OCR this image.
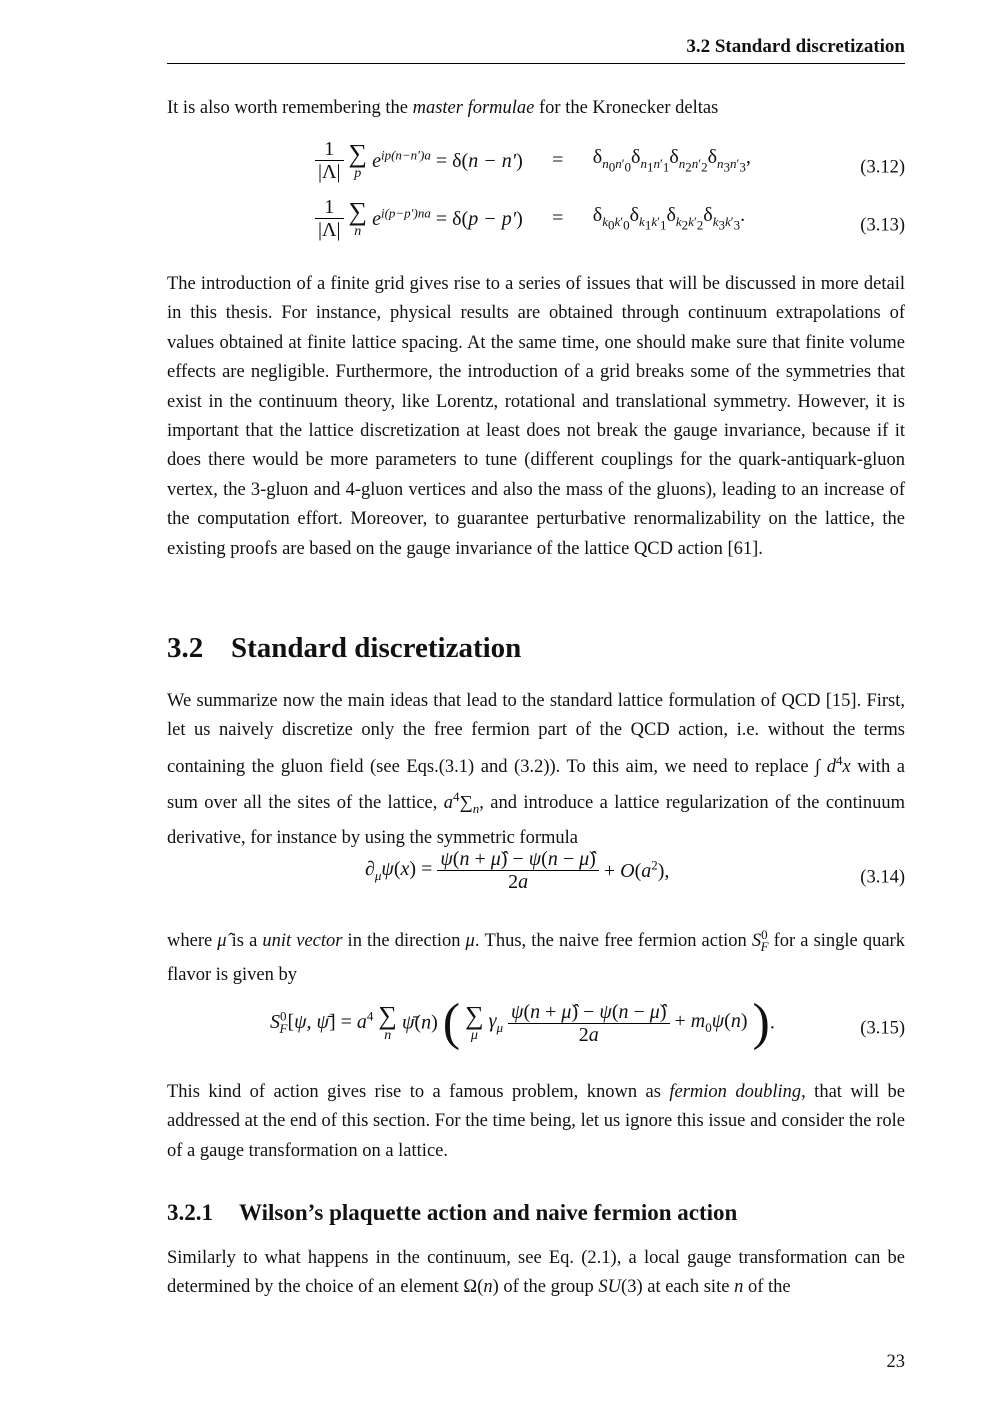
3.2 Standard discretization

It is also worth remembering the master formulae for the Kronecker deltas

$\frac{1}{|\Lambda|}$
∑
p
$e^{ip(n-n')a} = \delta(n - n') = \delta_{n_0n'_0}\delta_{n_1n'_1}\delta_{n_2n'_2}\delta_{n_3n'_3}$,	(3.12)
$\frac{1}{|\Lambda|}$
∑
n
$e^{i(p-p')na} = \delta(p - p') = \delta_{k_0k'_0}\delta_{k_1k'_1}\delta_{k_2k'_2}\delta_{k_3k'_3}$.	(3.13)

The introduction of a finite grid gives rise to a series of issues that will be discussed in more detail in this thesis. For instance, physical results are obtained through continuum extrapolations of values obtained at finite lattice spacing. At the same time, one should make sure that finite volume effects are negligible. Furthermore, the introduction of a grid breaks some of the symmetries that exist in the continuum theory, like Lorentz, rotational and translational symmetry. However, it is important that the lattice discretization at least does not break the gauge invariance, because if it does there would be more parameters to tune (different couplings for the quark-antiquark-gluon vertex, the 3-gluon and 4-gluon vertices and also the mass of the gluons), leading to an increase of the computation effort. Moreover, to guarantee perturbative renormalizability on the lattice, the existing proofs are based on the gauge invariance of the lattice QCD action [61].

3.2 Standard discretization

We summarize now the main ideas that lead to the standard lattice formulation of QCD [15]. First, let us naively discretize only the free fermion part of the QCD action, i.e. without the terms containing the gluon field (see Eqs.(3.1) and (3.2)). To this aim, we need to replace ∫ $d^4x$ with a sum over all the sites of the lattice, $a^4\sum_n$, and introduce a lattice regularization of the continuum derivative, for instance by using the symmetric formula

$\partial_\mu\psi(x) = \frac{\psi(n + \mû) - \psi(n - \mû)}{2a} + O(a^2)$,	(3.14)

where μ̂ is a unit vector in the direction μ. Thus, the naive free fermion action $S^0_F$ for a single quark flavor is given by

$S^0_F[\psi$, ψ̄] = $a^4$ ∑
n
ψ̄(n) ( ∑
μ
$\gamma_\mu \frac{\psi(n + \mû) - \psi(n - \mû)}{2a} + m_0\psi(n)$ ).	(3.15)

This kind of action gives rise to a famous problem, known as fermion doubling, that will be addressed at the end of this section. For the time being, let us ignore this issue and consider the role of a gauge transformation on a lattice.

3.2.1 Wilson’s plaquette action and naive fermion action

Similarly to what happens in the continuum, see Eq. (2.1), a local gauge transformation can be determined by the choice of an element Ω(n) of the group SU(3) at each site n of the

23
